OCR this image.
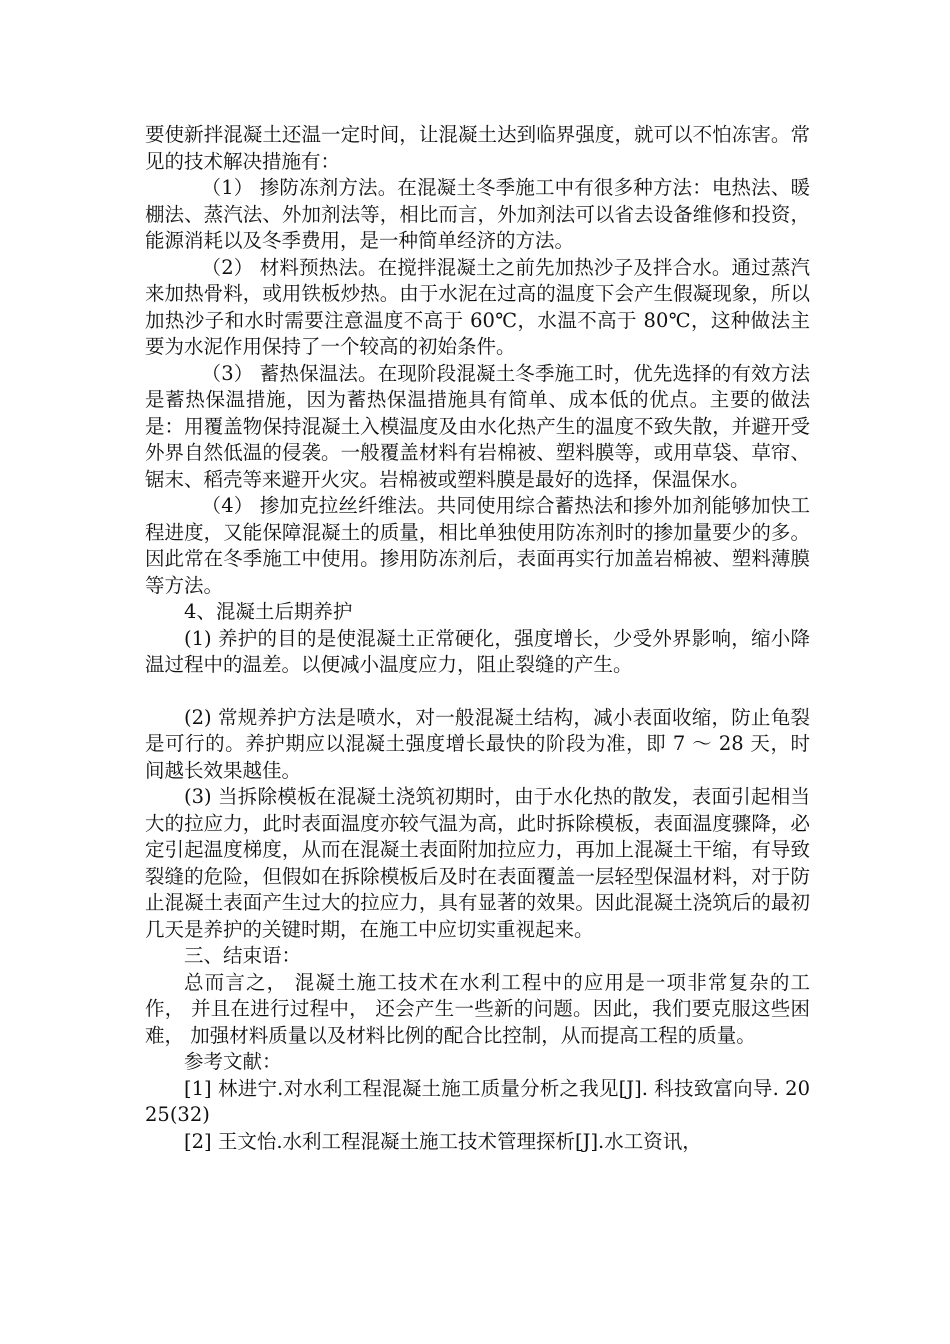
要使新拌混凝土还温一定时间，让混凝土达到临界强度，就可以不怕冻害。常见的技术解决措施有：

（1） 掺防冻剂方法。在混凝土冬季施工中有很多种方法：电热法、暖棚法、蒸汽法、外加剂法等，相比而言，外加剂法可以省去设备维修和投资，能源消耗以及冬季费用，是一种简单经济的方法。

（2） 材料预热法。在搅拌混凝土之前先加热沙子及拌合水。通过蒸汽来加热骨料，或用铁板炒热。由于水泥在过高的温度下会产生假凝现象，所以加热沙子和水时需要注意温度不高于 60℃，水温不高于 80℃，这种做法主要为水泥作用保持了一个较高的初始条件。

（3） 蓄热保温法。在现阶段混凝土冬季施工时，优先选择的有效方法是蓄热保温措施，因为蓄热保温措施具有简单、成本低的优点。主要的做法是：用覆盖物保持混凝土入模温度及由水化热产生的温度不致失散，并避开受外界自然低温的侵袭。一般覆盖材料有岩棉被、塑料膜等，或用草袋、草帘、锯末、稻壳等来避开火灾。岩棉被或塑料膜是最好的选择，保温保水。

（4） 掺加克拉丝纤维法。共同使用综合蓄热法和掺外加剂能够加快工程进度，又能保障混凝土的质量，相比单独使用防冻剂时的掺加量要少的多。因此常在冬季施工中使用。掺用防冻剂后，表面再实行加盖岩棉被、塑料薄膜等方法。

4、混凝土后期养护

(1) 养护的目的是使混凝土正常硬化，强度增长，少受外界影响，缩小降温过程中的温差。以便减小温度应力，阻止裂缝的产生。

(2) 常规养护方法是喷水，对一般混凝土结构，减小表面收缩，防止龟裂是可行的。养护期应以混凝土强度增长最快的阶段为准，即 7 ～ 28 天，时间越长效果越佳。

(3) 当拆除模板在混凝土浇筑初期时，由于水化热的散发，表面引起相当大的拉应力，此时表面温度亦较气温为高，此时拆除模板，表面温度骤降，必定引起温度梯度，从而在混凝土表面附加拉应力，再加上混凝土干缩，有导致裂缝的危险，但假如在拆除模板后及时在表面覆盖一层轻型保温材料，对于防止混凝土表面产生过大的拉应力，具有显著的效果。因此混凝土浇筑后的最初几天是养护的关键时期，在施工中应切实重视起来。

三、结束语：

总而言之， 混凝土施工技术在水利工程中的应用是一项非常复杂的工作， 并且在进行过程中， 还会产生一些新的问题。因此，我们要克服这些困难， 加强材料质量以及材料比例的配合比控制，从而提高工程的质量。

参考文献：

[1] 林进宁.对水利工程混凝土施工质量分析之我见[J]. 科技致富向导. 2025(32)

[2] 王文怡.水利工程混凝土施工技术管理探析[J].水工资讯，
